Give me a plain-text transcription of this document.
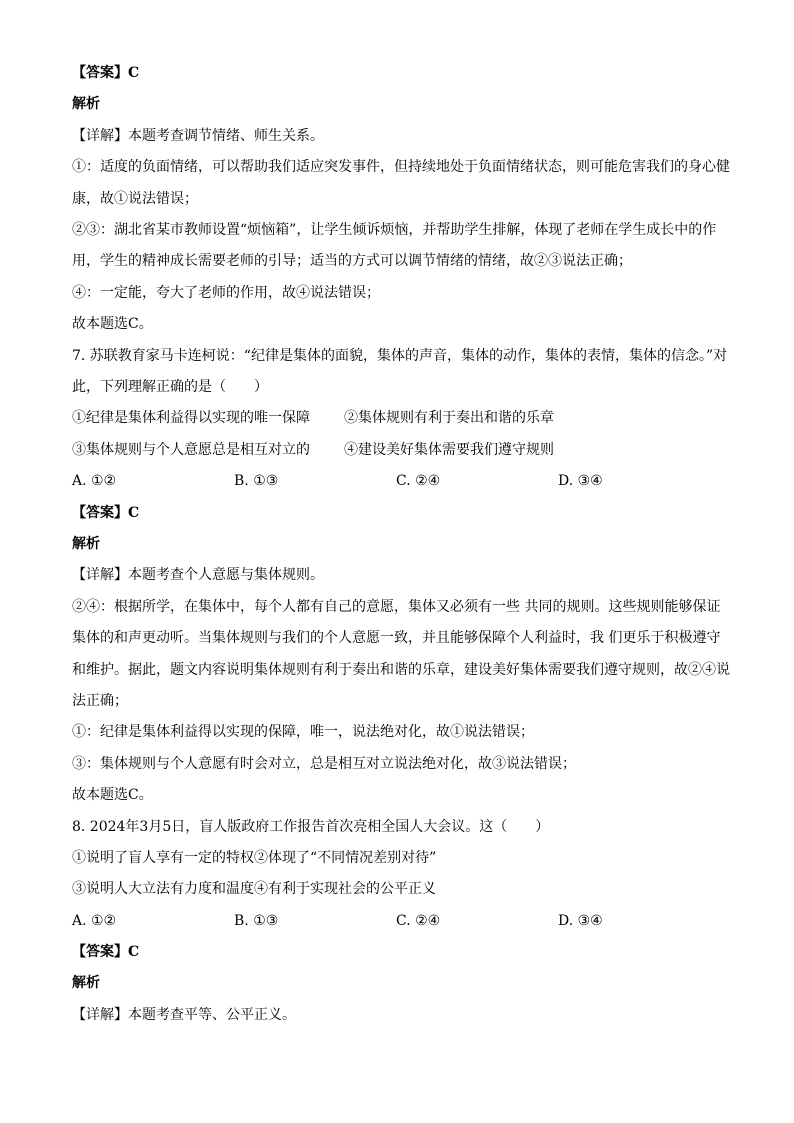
【答案】C
解析
【详解】本题考查调节情绪、师生关系。
①：适度的负面情绪，可以帮助我们适应突发事件，但持续地处于负面情绪状态，则可能危害我们的身心健康，故①说法错误；
②③：湖北省某市教师设置“烦恼箱”，让学生倾诉烦恼，并帮助学生排解，体现了老师在学生成长中的作用，学生的精神成长需要老师的引导；适当的方式可以调节情绪的情绪，故②③说法正确；
④：一定能，夸大了老师的作用，故④说法错误；
故本题选C。
7. 苏联教育家马卡连柯说：“纪律是集体的面貌，集体的声音，集体的动作，集体的表情，集体的信念。”对此，下列理解正确的是（　　）
①纪律是集体利益得以实现的唯一保障	②集体规则有利于奏出和谐的乐章
③集体规则与个人意愿总是相互对立的	④建设美好集体需要我们遵守规则
A. ①②	B. ①③	C. ②④	D. ③④
【答案】C
解析
【详解】本题考查个人意愿与集体规则。
②④：根据所学，在集体中，每个人都有自己的意愿，集体又必须有一些 共同的规则。这些规则能够保证集体的和声更动听。当集体规则与我们的个人意愿一致，并且能够保障个人利益时，我 们更乐于积极遵守和维护。据此，题文内容说明集体规则有利于奏出和谐的乐章，建设美好集体需要我们遵守规则，故②④说法正确；
①：纪律是集体利益得以实现的保障，唯一，说法绝对化，故①说法错误；
③：集体规则与个人意愿有时会对立，总是相互对立说法绝对化，故③说法错误；
故本题选C。
8. 2024年3月5日，盲人版政府工作报告首次亮相全国人大会议。这（　　）
①说明了盲人享有一定的特权②体现了“不同情况差别对待”
③说明人大立法有力度和温度④有利于实现社会的公平正义
A. ①②	B. ①③	C. ②④	D. ③④
【答案】C
解析
【详解】本题考查平等、公平正义。
